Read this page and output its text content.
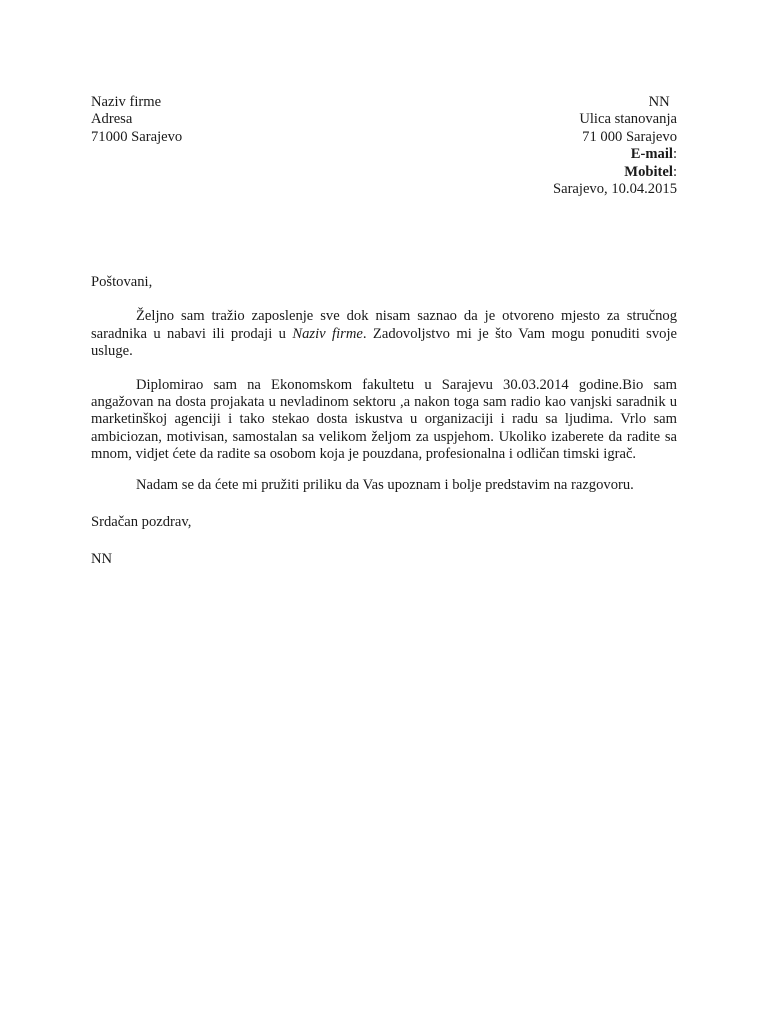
Naziv firme
Adresa
71000 Sarajevo
NN
Ulica stanovanja
71 000 Sarajevo
E-mail:
Mobitel:
Sarajevo, 10.04.2015

Poštovani,

Željno sam tražio zaposlenje sve dok nisam saznao da je otvoreno mjesto za stručnog saradnika u nabavi ili prodaji u Naziv firme. Zadovoljstvo mi je što Vam mogu ponuditi svoje usluge.

Diplomirao sam na Ekonomskom fakultetu u Sarajevu 30.03.2014 godine.Bio sam angažovan na dosta projakata u nevladinom sektoru ,a nakon toga sam radio kao vanjski saradnik u marketinškoj agenciji i tako stekao dosta iskustva u organizaciji i radu sa ljudima. Vrlo sam ambiciozan, motivisan, samostalan sa velikom željom za uspjehom. Ukoliko izaberete da radite sa mnom, vidjet ćete da radite sa osobom koja je pouzdana, profesionalna i odličan timski igrač.

Nadam se da ćete mi pružiti priliku da Vas upoznam i bolje predstavim na razgovoru.

Srdačan pozdrav,

NN
